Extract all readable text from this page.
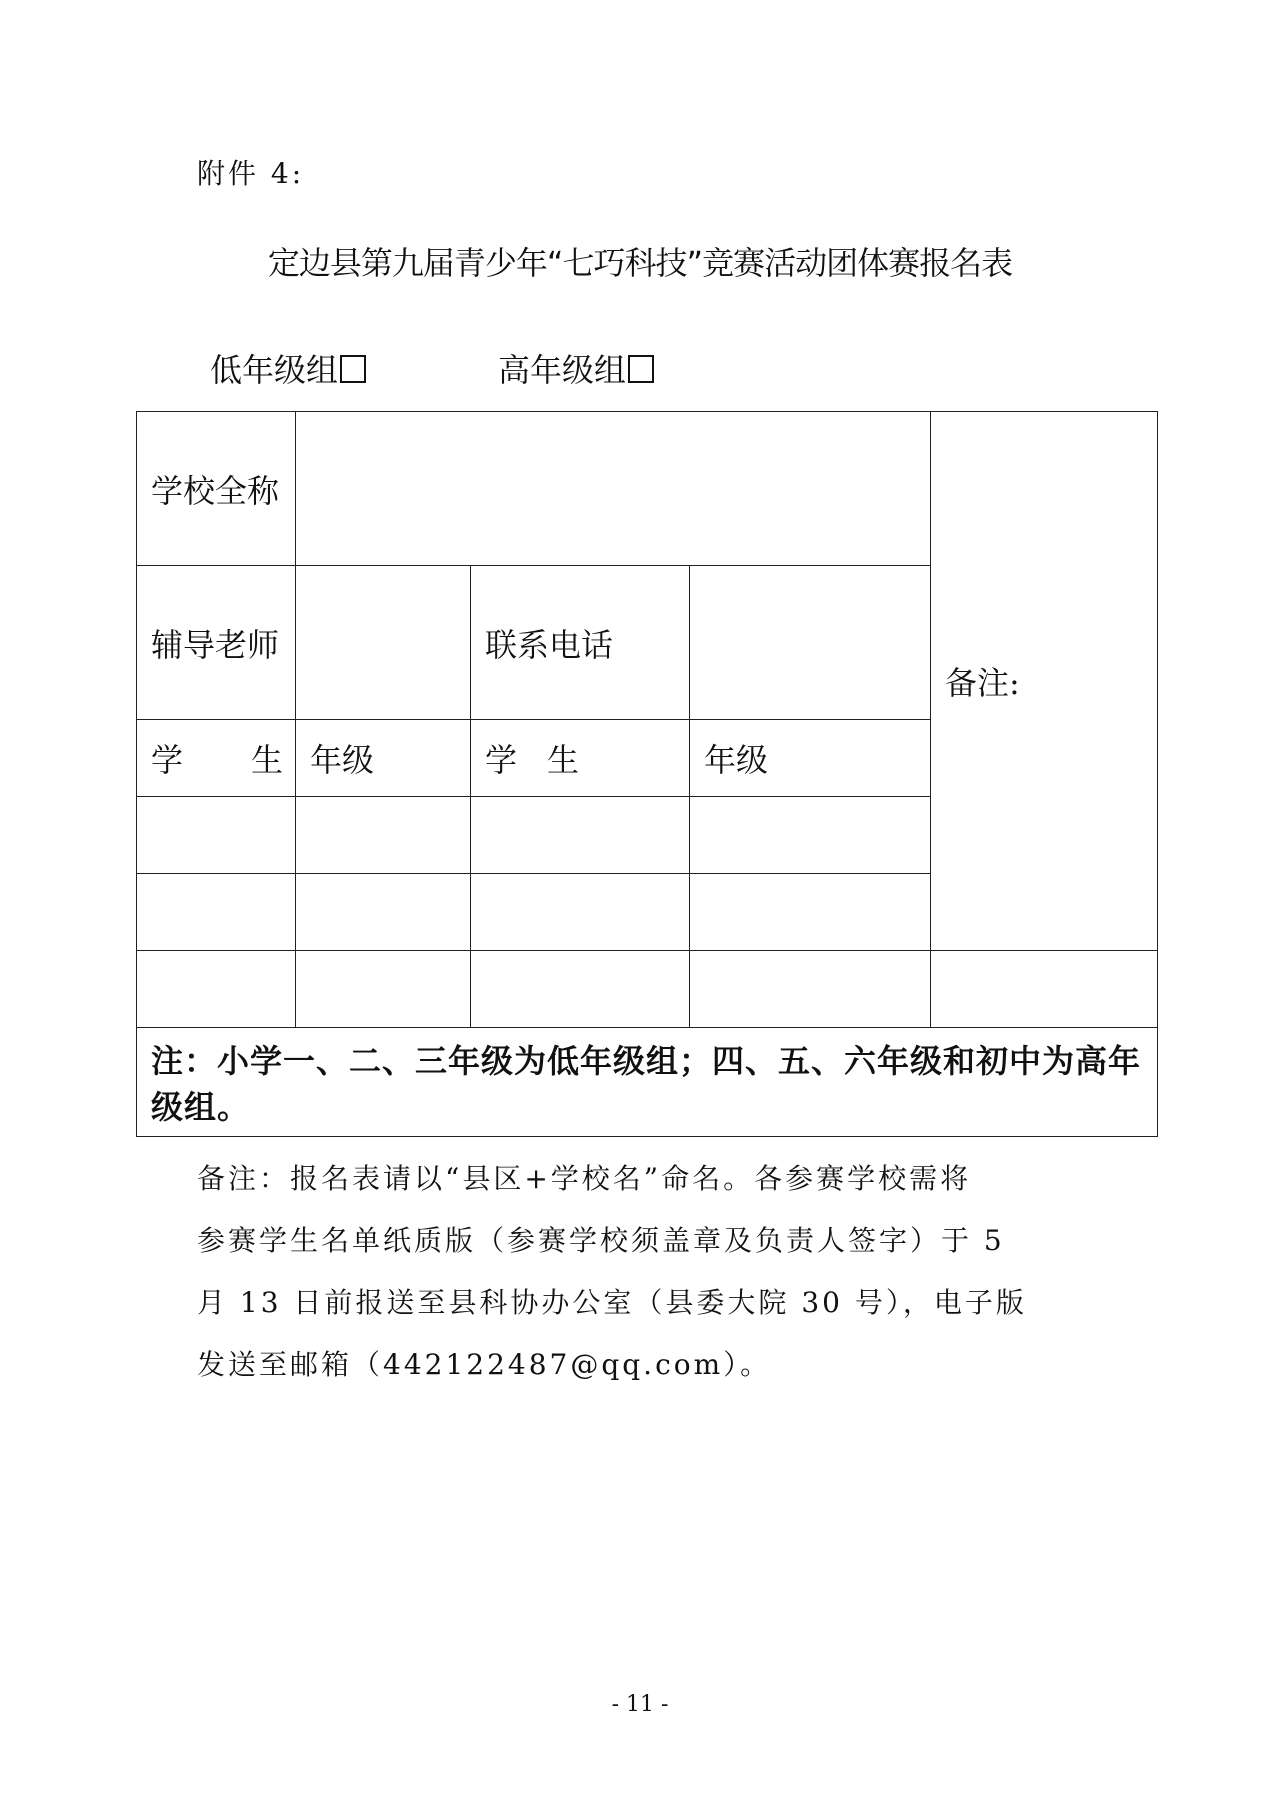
附件 4:
定边县第九届青少年“七巧科技”竞赛活动团体赛报名表
低年级组	高年级组
学校全称				备注:
辅导老师		联系电话		
学 生	年级	学 生	年级	

注：小学一、二、三年级为低年级组；四、五、六年级和初中为高年级组。				

备注：报名表请以“县区+学校名”命名。各参赛学校需将

参赛学生名单纸质版（参赛学校须盖章及负责人签字）于 5

月 13 日前报送至县科协办公室（县委大院 30 号），电子版

发送至邮箱（442122487@qq.com）。

- 11 -
